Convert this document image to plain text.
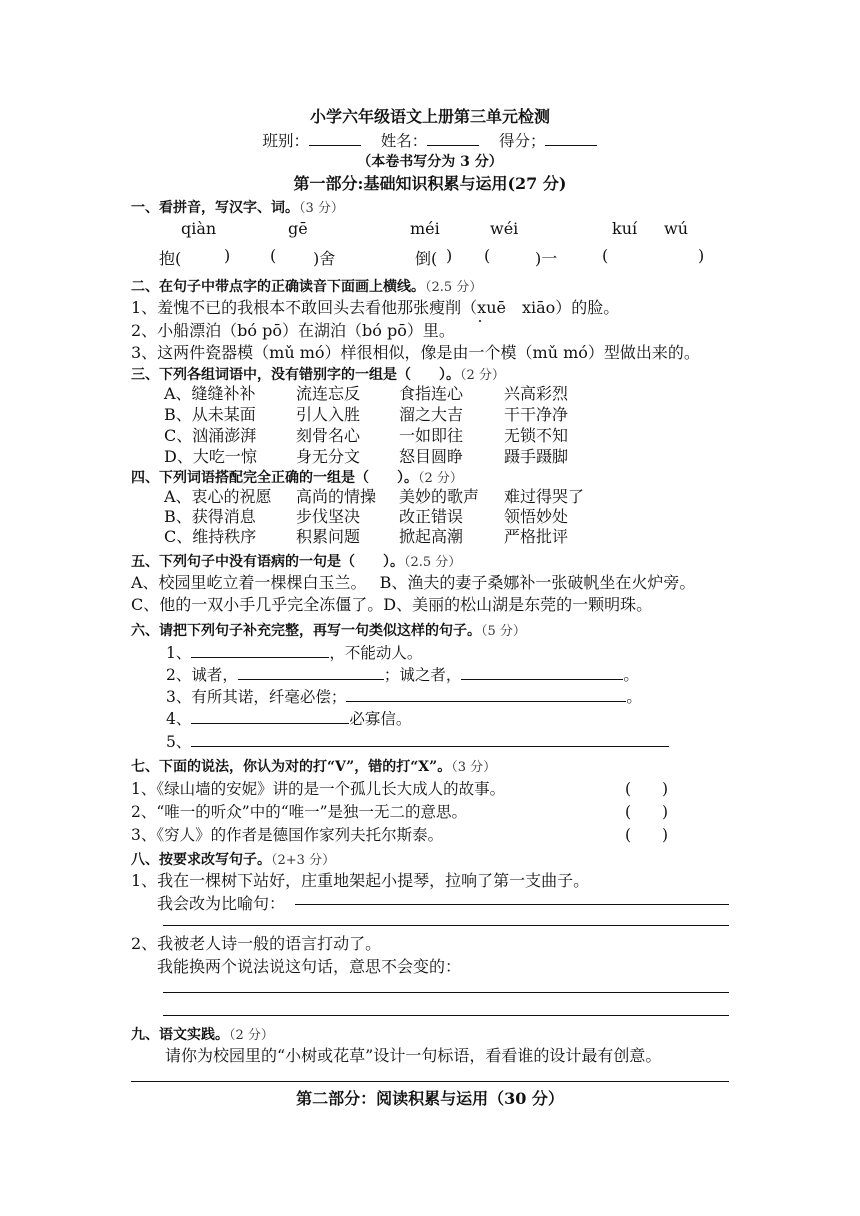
小学六年级语文上册第三单元检测
班别：	姓名：	得分；
（本卷书写分为 3 分）
第一部分:基础知识积累与运用(27 分)
一、看拼音，写汉字、词。（3 分）
qiàn	gē	méi	wéi	kuí wú
抱(	) ( )舍	倒( ) (	)一	(	)
二、在句子中带点字的正确读音下面画上横线。（2.5 分）
1、羞愧不已的我根本不敢回头去看他那张瘦削（xuē　xiāo）的脸。
2、小船漂泊（bó pō）在湖泊（bó pō）里。
3、这两件瓷器模（mǔ mó）样很相似，像是由一个模（mǔ mó）型做出来的。
三、下列各组词语中，没有错别字的一组是（　　）。（2 分）
A、缝缝补补	流连忘反 食指连心	兴高彩烈
B、从未某面	引人入胜 溜之大吉	干干净净
C、汹涌澎湃 刻骨名心 一如即往	无锁不知
D、大吃一惊 身无分文 怒目圆睁	蹑手蹑脚
四、下列词语搭配完全正确的一组是（　　）。（2 分）
A、衷心的祝愿 高尚的情操 美妙的歌声 难过得哭了
B、获得消息	步伐坚决 改正错误	领悟妙处
C、维持秩序 积累问题 掀起高潮	严格批评
五、下列句子中没有语病的一句是（　　）。（2.5 分）
A、校园里屹立着一棵棵白玉兰。　 B、渔夫的妻子桑娜补一张破帆坐在火炉旁。
C、他的一双小手几乎完全冻僵了。D、美丽的松山湖是东莞的一颗明珠。
六、请把下列句子补充完整，再写一句类似这样的句子。（5 分）
1、	，不能动人。
2、诚者，	；诚之者，	。
3、有所其诺，纤毫必偿；	。
4、	必寡信。
5、
七、下面的说法，你认为对的打“V”，错的打“X”。（3 分）
1、《绿山墙的安妮》讲的是一个孤儿长大成人的故事。	(　　)
2、“唯一的听众”中的“唯一”是独一无二的意思。	(　　)
3、《穷人》的作者是德国作家列夫托尔斯泰。	(　　)
八、按要求改写句子。（2+3 分）
1、我在一棵树下站好，庄重地架起小提琴，拉响了第一支曲子。
我会改为比喻句：
2、我被老人诗一般的语言打动了。
我能换两个说法说这句话，意思不会变的：
九、语文实践。（2 分）
请你为校园里的“小树或花草”设计一句标语，看看谁的设计最有创意。
第二部分：阅读积累与运用（30 分）
